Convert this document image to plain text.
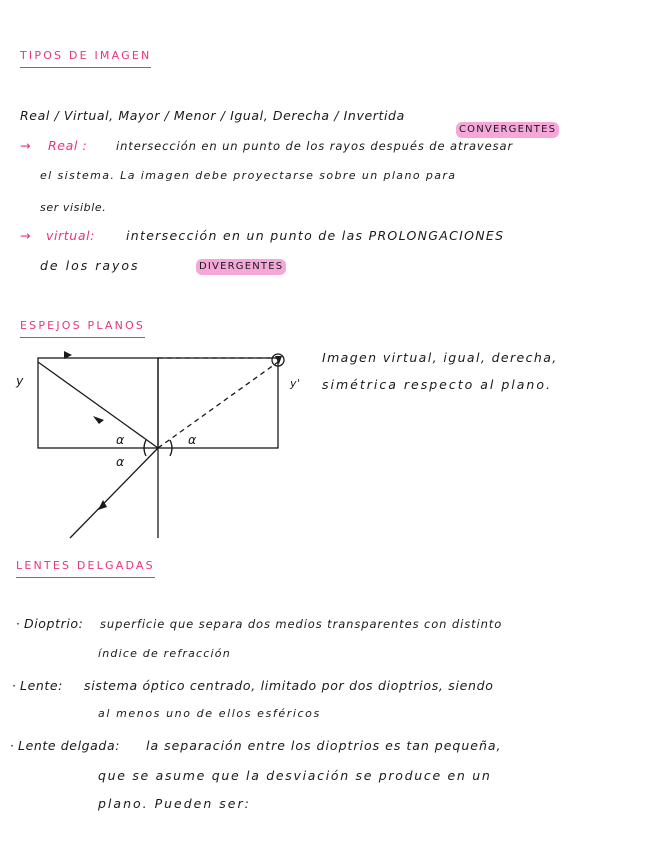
TIPOS DE IMAGEN
Real / Virtual, Mayor / Menor / Igual, Derecha / Invertida
CONVERGENTES
→ Real : intersección en un punto de los rayos después de atravesar
el sistema. La imagen debe proyectarse sobre un plano para
ser visible.
→ virtual: intersección en un punto de las PROLONGACIONES
de los rayos	DIVERGENTES
ESPEJOS PLANOS
y	y'
α
α
α
Imagen virtual, igual, derecha,
simétrica respecto al plano.
LENTES DELGADAS
· Dioptrio: superficie que separa dos medios transparentes con distinto
índice de refracción
· Lente: sistema óptico centrado, limitado por dos dioptrios, siendo
al menos uno de ellos esféricos
· Lente delgada: la separación entre los dioptrios es tan pequeña,
que se asume que la desviación se produce en un
plano. Pueden ser:
